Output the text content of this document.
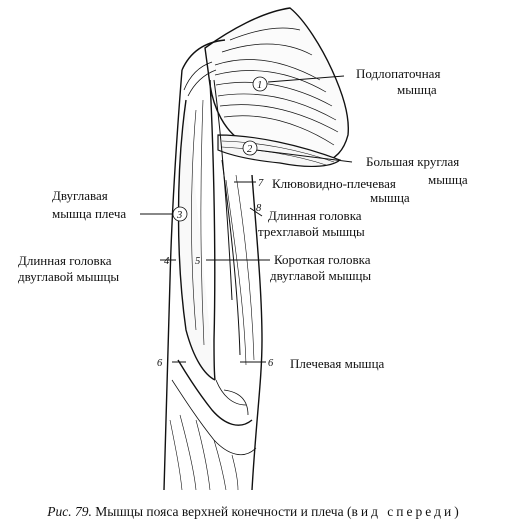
1
2
3
4 5
6	6
7
8
Подлопаточная
мышца
Большая круглая
мышца
Клювовидно-плечевая
мышца
Длинная головка
трехглавой мышцы
Двуглавая
мышца плеча
Длинная головка
двуглавой мышцы
Короткая головка
двуглавой мышцы
Плечевая мышца
Рис. 79. Мышцы пояса верхней конечности и плеча (вид спереди)
